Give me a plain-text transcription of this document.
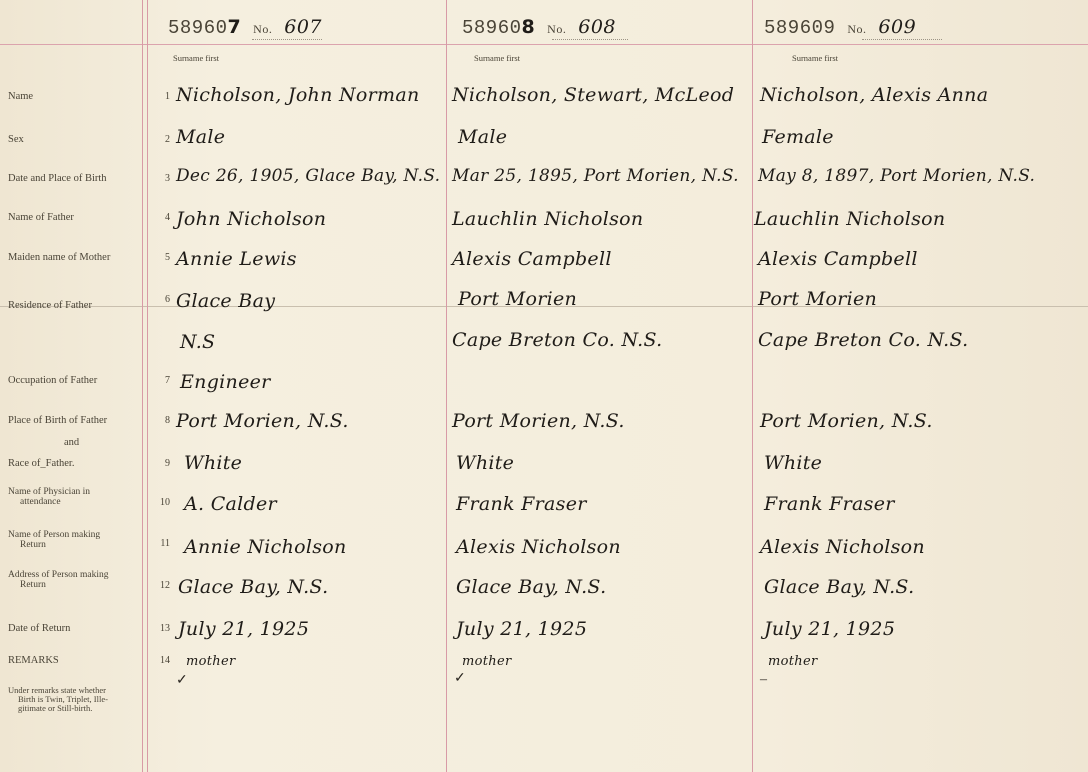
Name
Sex
Date and Place of Birth
Name of Father
Maiden name of Mother
Residence of Father
Occupation of Father
Place of Birth of Father
and
Race of_Father.
Name of Physician in
attendance
Name of Person making
Return
Address of Person making
Return
Date of Return
REMARKS
Under remarks state whether
Birth is Twin, Triplet, Ille-
gitimate or Still-birth.
1
2
3
4
5
6
7
8
9
10
11
12
13
14
589607 No. 607
Surname first
Nicholson, John Norman
Male
Dec 26, 1905, Glace Bay, N.S.
John Nicholson
Annie Lewis
Glace Bay
N.S
Engineer
Port Morien, N.S.
White
A. Calder
Annie Nicholson
Glace Bay, N.S.
July 21, 1925
mother
✓
589608 No. 608
Surname first
Nicholson, Stewart, McLeod
Male
Mar 25, 1895, Port Morien, N.S.
Lauchlin Nicholson
Alexis Campbell
Port Morien
Cape Breton Co. N.S.
Port Morien, N.S.
White
Frank Fraser
Alexis Nicholson
Glace Bay, N.S.
July 21, 1925
mother
✓
589609 No. 609
Surname first
Nicholson, Alexis Anna
Female
May 8, 1897, Port Morien, N.S.
Lauchlin Nicholson
Alexis Campbell
Port Morien
Cape Breton Co. N.S.
Port Morien, N.S.
White
Frank Fraser
Alexis Nicholson
Glace Bay, N.S.
July 21, 1925
mother
–
